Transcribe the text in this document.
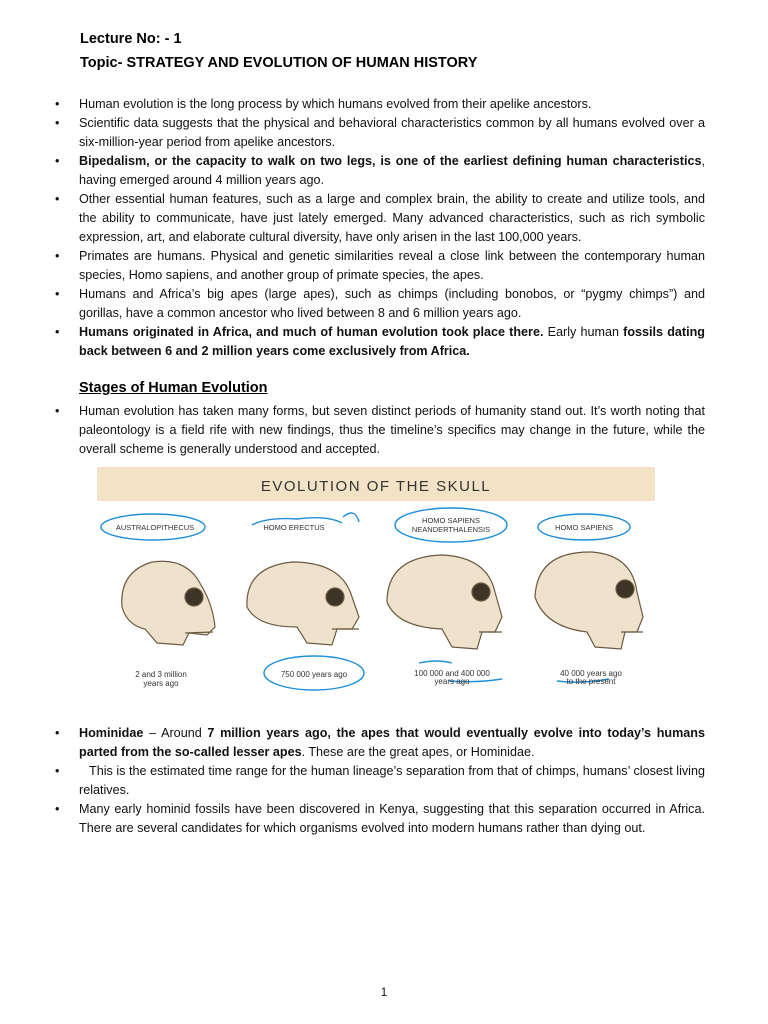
Lecture No: - 1
Topic- STRATEGY AND EVOLUTION OF HUMAN HISTORY
• Human evolution is the long process by which humans evolved from their apelike ancestors.
• Scientific data suggests that the physical and behavioral characteristics common by all humans evolved over a six-million-year period from apelike ancestors.
• Bipedalism, or the capacity to walk on two legs, is one of the earliest defining human characteristics, having emerged around 4 million years ago.
• Other essential human features, such as a large and complex brain, the ability to create and utilize tools, and the ability to communicate, have just lately emerged. Many advanced characteristics, such as rich symbolic expression, art, and elaborate cultural diversity, have only arisen in the last 100,000 years.
• Primates are humans. Physical and genetic similarities reveal a close link between the contemporary human species, Homo sapiens, and another group of primate species, the apes.
• Humans and Africa’s big apes (large apes), such as chimps (including bonobos, or “pygmy chimps”) and gorillas, have a common ancestor who lived between 8 and 6 million years ago.
• Humans originated in Africa, and much of human evolution took place there. Early human fossils dating back between 6 and 2 million years come exclusively from Africa.
Stages of Human Evolution
• Human evolution has taken many forms, but seven distinct periods of humanity stand out. It’s worth noting that paleontology is a field rife with new findings, thus the timeline’s specifics may change in the future, while the overall scheme is generally understood and accepted.
EVOLUTION OF THE SKULL
AUSTRALOPITHECUS	HOMO ERECTUS
HOMO SAPIENS
NEANDERTHALENSIS	HOMO SAPIENS
2 and 3 million
years ago
750 000 years ago	100 000 and 400 000
years ago
40 000 years ago
to the present
• Hominidae – Around 7 million years ago, the apes that would eventually evolve into today’s humans parted from the so-called lesser apes. These are the great apes, or Hominidae.
• This is the estimated time range for the human lineage’s separation from that of chimps, humans’ closest living relatives.
• Many early hominid fossils have been discovered in Kenya, suggesting that this separation occurred in Africa. There are several candidates for which organisms evolved into modern humans rather than dying out.
1
